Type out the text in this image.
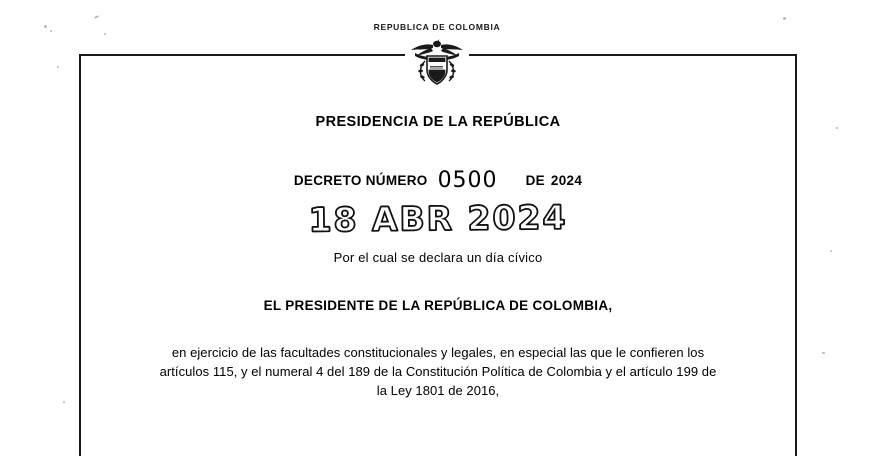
REPUBLICA DE COLOMBIA
PRESIDENCIA DE LA REPÚBLICA
DECRETO NÚMERO 0500 DE 2024
18 ABR 2024
Por el cual se declara un día cívico
EL PRESIDENTE DE LA REPÚBLICA DE COLOMBIA,
en ejercicio de las facultades constitucionales y legales, en especial las que le confieren los artículos 115, y el numeral 4 del 189 de la Constitución Política de Colombia y el artículo 199 de la Ley 1801 de 2016,
